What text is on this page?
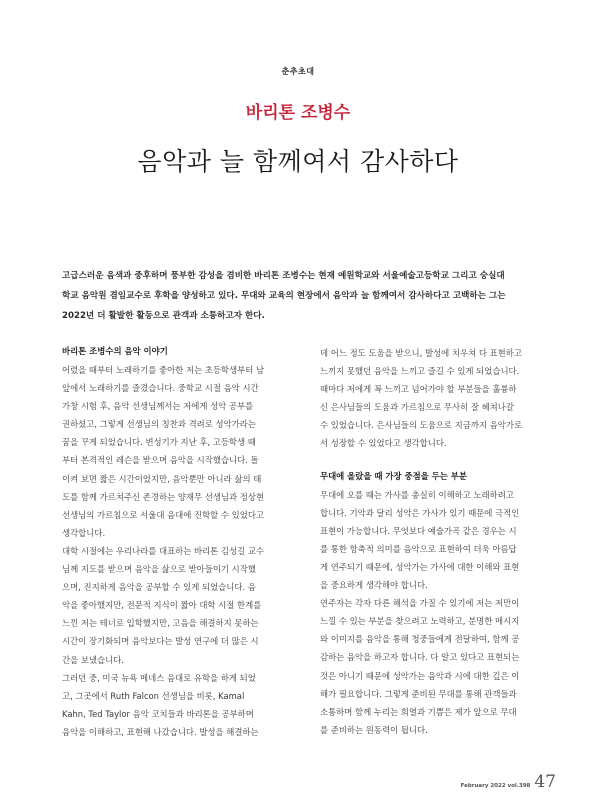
춘추초대
바리톤 조병수
음악과 늘 함께여서 감사하다

고급스러운 음색과 중후하며 풍부한 감성을 겸비한 바리톤 조병수는 현재 예원학교와 서울예술고등학교 그리고 숭실대
학교 음악원 겸임교수로 후학을 양성하고 있다. 무대와 교육의 현장에서 음악과 늘 함께여서 감사하다고 고백하는 그는
2022년 더 활발한 활동으로 관객과 소통하고자 한다.

바리톤 조병수의 음악 이야기
어렸을 때부터 노래하기를 좋아한 저는 초등학생부터 남
앞에서 노래하기를 즐겼습니다. 중학교 시절 음악 시간
가창 시험 후, 음악 선생님께서는 저에게 성악 공부를
권하셨고, 그렇게 선생님의 칭찬과 격려로 성악가라는
꿈을 꾸게 되었습니다. 변성기가 지난 후, 고등학생 때
부터 본격적인 레슨을 받으며 음악을 시작했습니다. 돌
이켜 보면 짧은 시간이었지만, 음악뿐만 아니라 삶의 태
도를 함께 가르쳐주신 존경하는 양재무 선생님과 정상현
선생님의 가르침으로 서울대 음대에 진학할 수 있었다고
생각합니다.
대학 시절에는 우리나라를 대표하는 바리톤 김성길 교수
님께 지도를 받으며 음악을 삶으로 받아들이기 시작했
으며, 진지하게 음악을 공부할 수 있게 되었습니다. 음
악을 좋아했지만, 전문적 지식이 짧아 대학 시절 한계를
느낀 저는 테너로 입학했지만, 고음을 해결하지 못하는
시간이 장기화되며 음악보다는 발성 연구에 더 많은 시
간을 보냈습니다.
그러던 중, 미국 뉴욕 메네스 음대로 유학을 하게 되었
고, 그곳에서 Ruth Falcon 선생님을 비롯, Kamal
Kahn, Ted Taylor 음악 코치들과 바리톤을 공부하며
음악을 이해하고, 표현해 나갔습니다. 발성을 해결하는
데 어느 정도 도움을 받으니, 발성에 치우쳐 다 표현하고
느끼지 못했던 음악을 느끼고 즐길 수 있게 되었습니다.
때마다 저에게 꼭 느끼고 넘어가야 할 부분들을 훌륭하
신 은사님들의 도움과 가르침으로 무사히 잘 헤쳐나갈
수 있었습니다. 은사님들의 도움으로 지금까지 음악가로
서 성장할 수 있었다고 생각합니다.
무대에 올랐을 때 가장 중점을 두는 부분
무대에 오를 때는 가사를 충실히 이해하고 노래하려고
합니다. 기악과 달리 성악은 가사가 있기 때문에 극적인
표현이 가능합니다. 무엇보다 예술가곡 같은 경우는 시
를 통한 함축적 의미를 음악으로 표현하여 더욱 아름답
게 연주되기 때문에, 성악가는 가사에 대한 이해와 표현
을 중요하게 생각해야 합니다.
연주자는 각자 다른 해석을 가질 수 있기에 저는 저만이
느낄 수 있는 부분을 찾으려고 노력하고, 분명한 메시지
와 이미지를 음악을 통해 청중들에게 전달하여, 함께 공
감하는 음악을 하고자 합니다. 다 알고 있다고 표현되는
것은 아니기 때문에 성악가는 음악과 시에 대한 깊은 이
해가 필요합니다. 그렇게 준비된 무대를 통해 관객들과
소통하며 함께 누리는 희열과 기쁨은 제가 앞으로 무대
를 준비하는 원동력이 됩니다.
February 2022 vol.398 47
